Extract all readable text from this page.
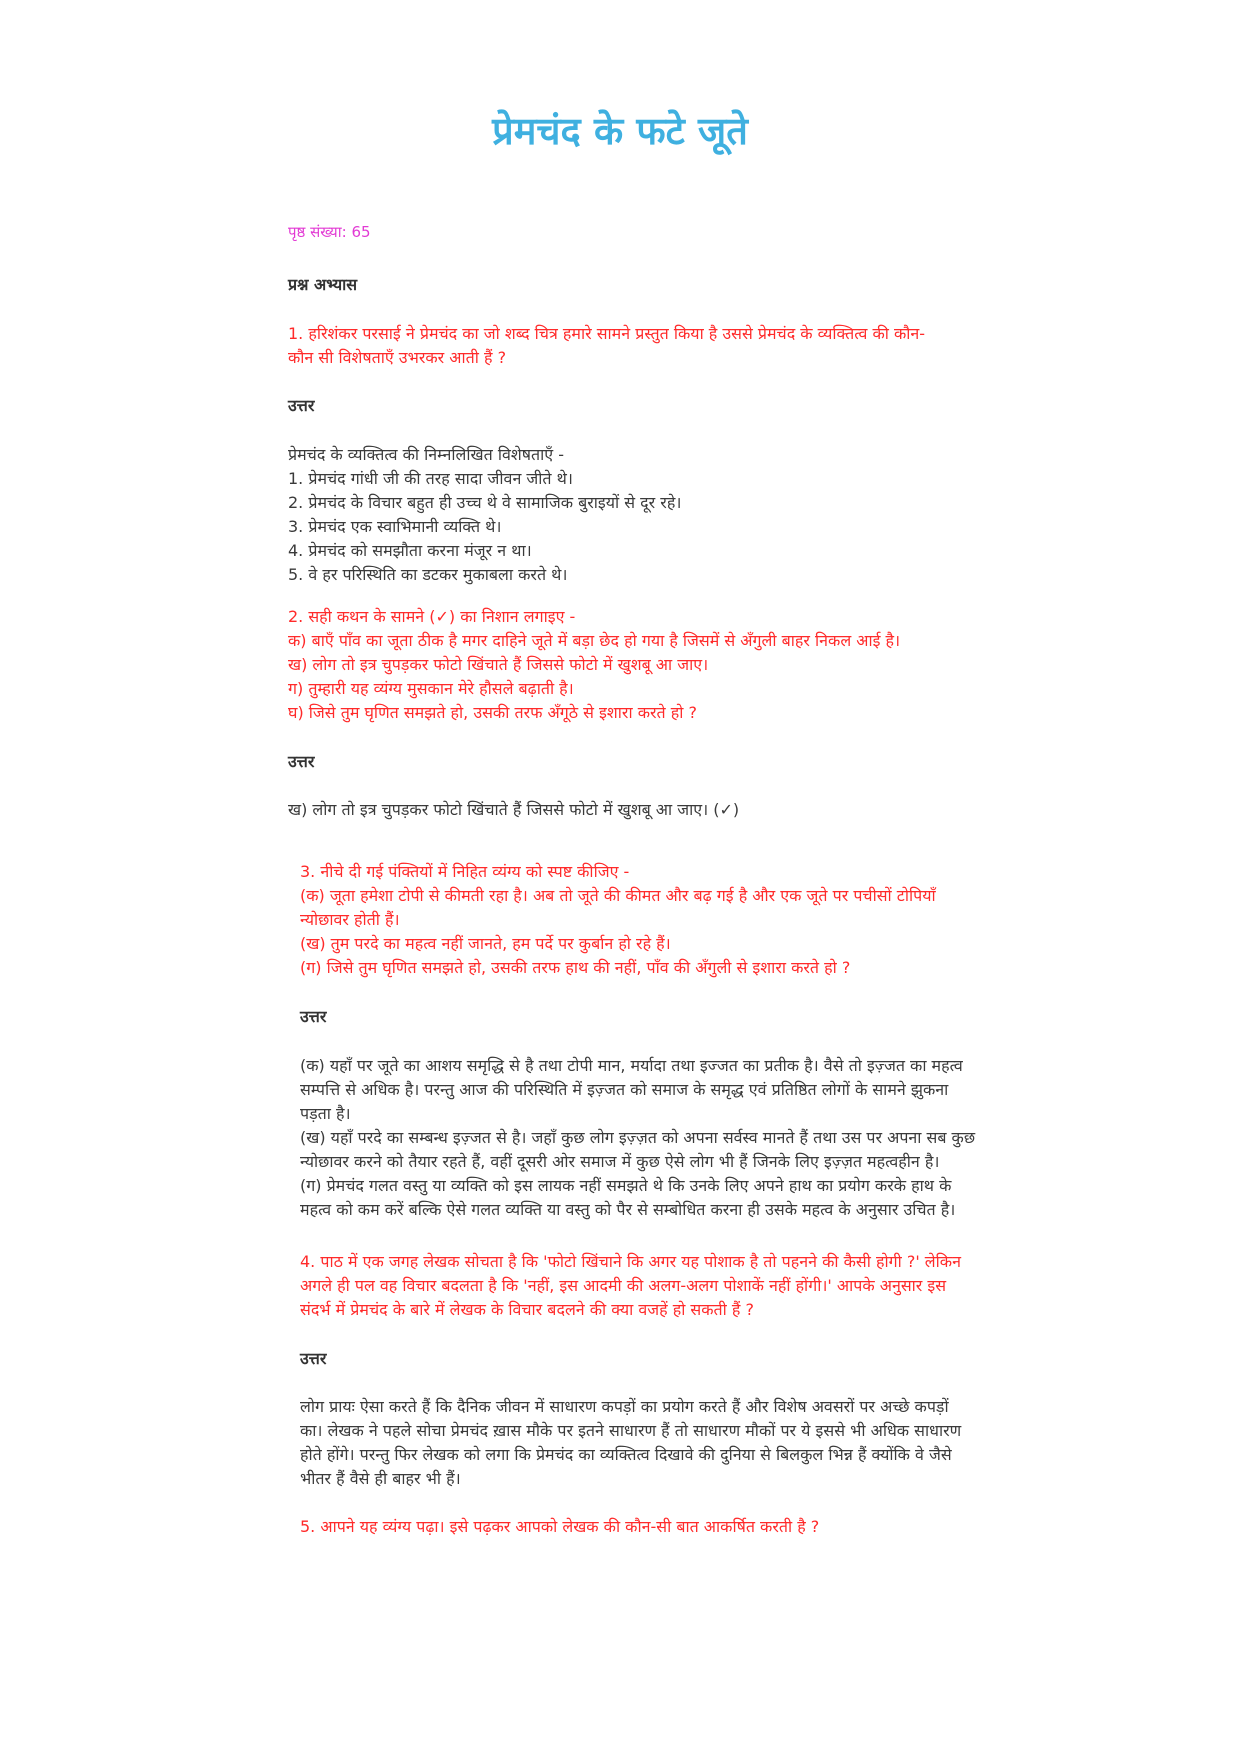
प्रेमचंद के फटे जूते
पृष्ठ संख्या: 65
प्रश्न अभ्यास
1. हरिशंकर परसाई ने प्रेमचंद का जो शब्द चित्र हमारे सामने प्रस्तुत किया है उससे प्रेमचंद के व्यक्तित्व की कौन-
कौन सी विशेषताएँ उभरकर आती हैं ?
उत्तर
प्रेमचंद के व्यक्तित्व की निम्नलिखित विशेषताएँ -
1. प्रेमचंद गांधी जी की तरह सादा जीवन जीते थे।
2. प्रेमचंद के विचार बहुत ही उच्च थे वे सामाजिक बुराइयों से दूर रहे।
3. प्रेमचंद एक स्वाभिमानी व्यक्ति थे।
4. प्रेमचंद को समझौता करना मंजूर न था।
5. वे हर परिस्थिति का डटकर मुकाबला करते थे।
2. सही कथन के सामने (✓) का निशान लगाइए -
क) बाएँ पाँव का जूता ठीक है मगर दाहिने जूते में बड़ा छेद हो गया है जिसमें से अँगुली बाहर निकल आई है।
ख) लोग तो इत्र चुपड़कर फोटो खिंचाते हैं जिससे फोटो में खुशबू आ जाए।
ग) तुम्हारी यह व्यंग्य मुसकान मेरे हौसले बढ़ाती है।
घ) जिसे तुम घृणित समझते हो, उसकी तरफ अँगूठे से इशारा करते हो ?
उत्तर
ख) लोग तो इत्र चुपड़कर फोटो खिंचाते हैं जिससे फोटो में खुशबू आ जाए। (✓)
3. नीचे दी गई पंक्तियों में निहित व्यंग्य को स्पष्ट कीजिए -
(क) जूता हमेशा टोपी से कीमती रहा है। अब तो जूते की कीमत और बढ़ गई है और एक जूते पर पचीसों टोपियाँ
न्योछावर होती हैं।
(ख) तुम परदे का महत्व नहीं जानते, हम पर्दे पर कुर्बान हो रहे हैं।
(ग) जिसे तुम घृणित समझते हो, उसकी तरफ हाथ की नहीं, पाँव की अँगुली से इशारा करते हो ?
उत्तर
(क) यहाँ पर जूते का आशय समृद्धि से है तथा टोपी मान, मर्यादा तथा इज्जत का प्रतीक है। वैसे तो इज़्जत का महत्व
सम्पत्ति से अधिक है। परन्तु आज की परिस्थिति में इज़्जत को समाज के समृद्ध एवं प्रतिष्ठित लोगों के सामने झुकना
पड़ता है।
(ख) यहाँ परदे का सम्बन्ध इज़्जत से है। जहाँ कुछ लोग इज़्ज़त को अपना सर्वस्व मानते हैं तथा उस पर अपना सब कुछ
न्योछावर करने को तैयार रहते हैं, वहीं दूसरी ओर समाज में कुछ ऐसे लोग भी हैं जिनके लिए इज़्ज़त महत्वहीन है।
(ग) प्रेमचंद गलत वस्तु या व्यक्ति को इस लायक नहीं समझते थे कि उनके लिए अपने हाथ का प्रयोग करके हाथ के
महत्व को कम करें बल्कि ऐसे गलत व्यक्ति या वस्तु को पैर से सम्बोधित करना ही उसके महत्व के अनुसार उचित है।
4. पाठ में एक जगह लेखक सोचता है कि 'फोटो खिंचाने कि अगर यह पोशाक है तो पहनने की कैसी होगी ?' लेकिन
अगले ही पल वह विचार बदलता है कि 'नहीं, इस आदमी की अलग-अलग पोशाकें नहीं होंगी।' आपके अनुसार इस
संदर्भ में प्रेमचंद के बारे में लेखक के विचार बदलने की क्या वजहें हो सकती हैं ?
उत्तर
लोग प्रायः ऐसा करते हैं कि दैनिक जीवन में साधारण कपड़ों का प्रयोग करते हैं और विशेष अवसरों पर अच्छे कपड़ों
का। लेखक ने पहले सोचा प्रेमचंद ख़ास मौके पर इतने साधारण हैं तो साधारण मौकों पर ये इससे भी अधिक साधारण
होते होंगे। परन्तु फिर लेखक को लगा कि प्रेमचंद का व्यक्तित्व दिखावे की दुनिया से बिलकुल भिन्न हैं क्योंकि वे जैसे
भीतर हैं वैसे ही बाहर भी हैं।
5. आपने यह व्यंग्य पढ़ा। इसे पढ़कर आपको लेखक की कौन-सी बात आकर्षित करती है ?
